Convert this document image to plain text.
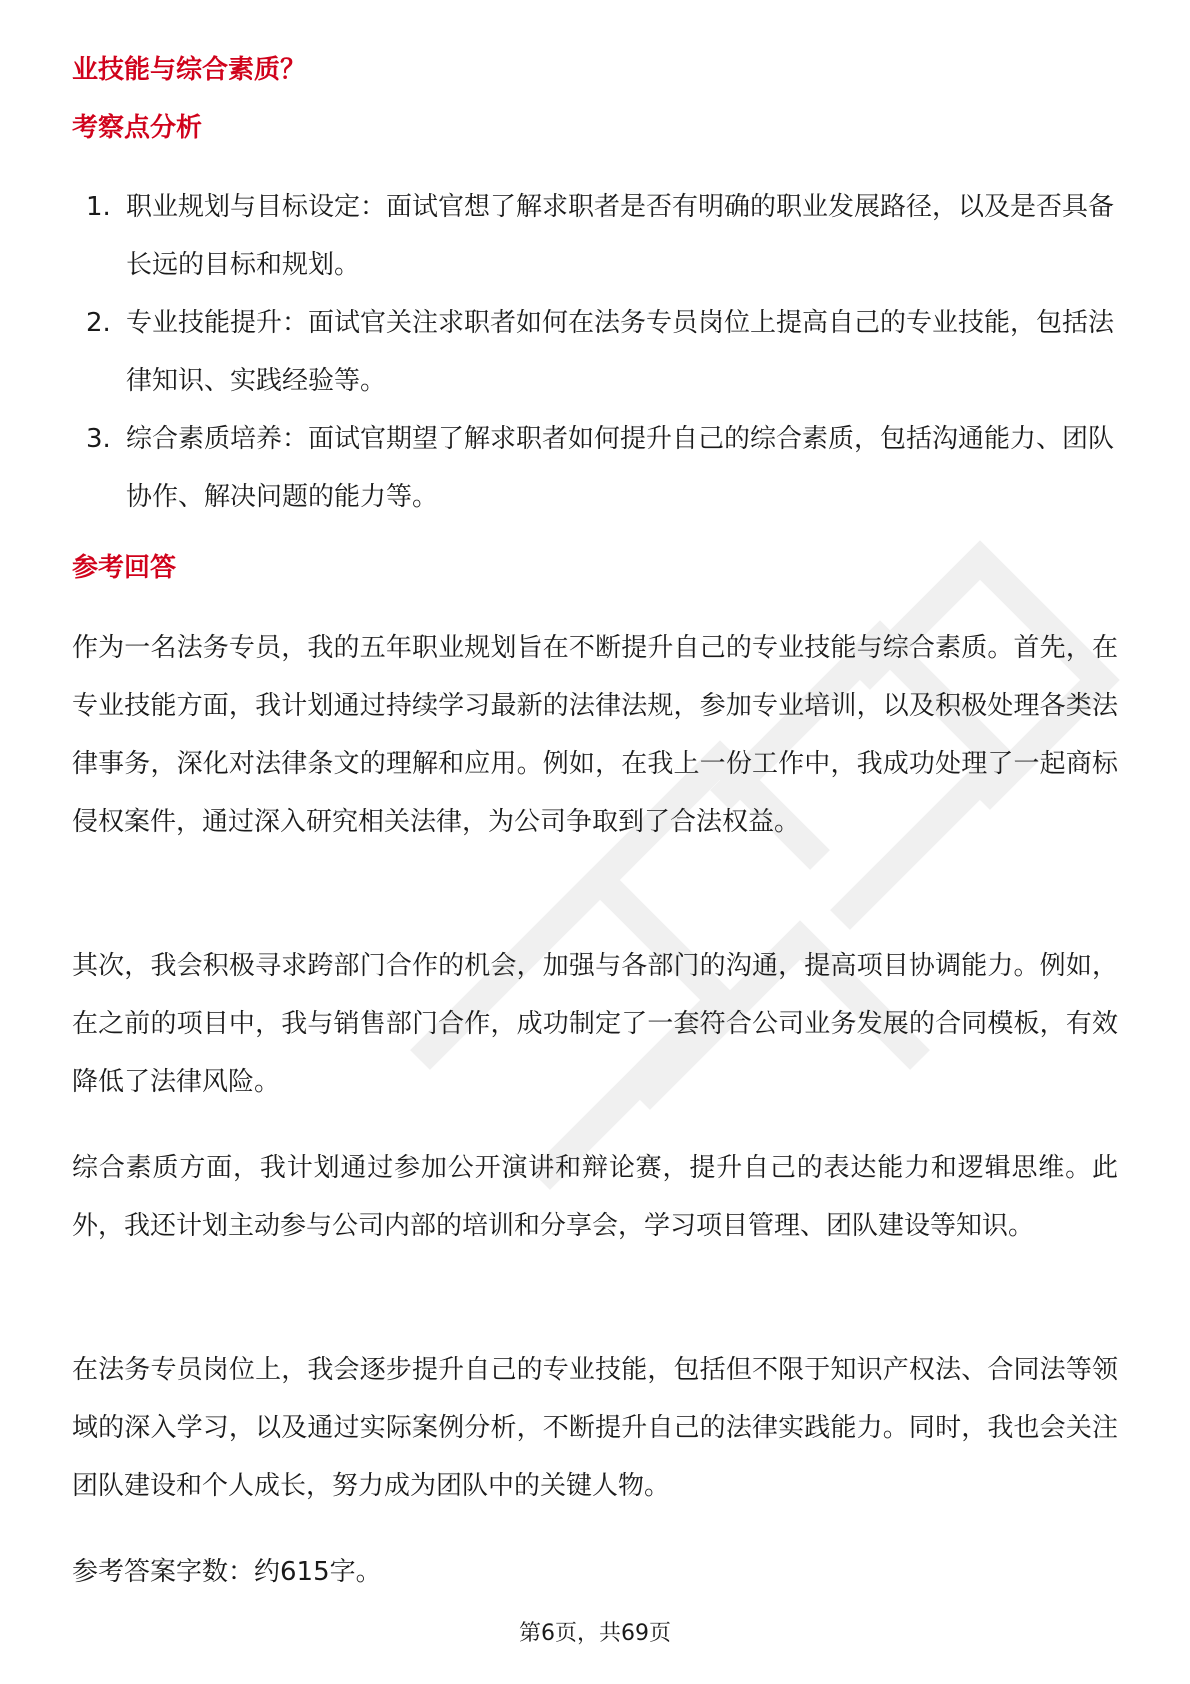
业技能与综合素质？
考察点分析
1. 职业规划与目标设定：面试官想了解求职者是否有明确的职业发展路径，以及是否具备长远的目标和规划。
2. 专业技能提升：面试官关注求职者如何在法务专员岗位上提高自己的专业技能，包括法律知识、实践经验等。
3. 综合素质培养：面试官期望了解求职者如何提升自己的综合素质，包括沟通能力、团队协作、解决问题的能力等。
参考回答

作为一名法务专员，我的五年职业规划旨在不断提升自己的专业技能与综合素质。首先，在专业技能方面，我计划通过持续学习最新的法律法规，参加专业培训，以及积极处理各类法律事务，深化对法律条文的理解和应用。例如，在我上一份工作中，我成功处理了一起商标侵权案件，通过深入研究相关法律，为公司争取到了合法权益。

其次，我会积极寻求跨部门合作的机会，加强与各部门的沟通，提高项目协调能力。例如，在之前的项目中，我与销售部门合作，成功制定了一套符合公司业务发展的合同模板，有效降低了法律风险。

综合素质方面，我计划通过参加公开演讲和辩论赛，提升自己的表达能力和逻辑思维。此外，我还计划主动参与公司内部的培训和分享会，学习项目管理、团队建设等知识。

在法务专员岗位上，我会逐步提升自己的专业技能，包括但不限于知识产权法、合同法等领域的深入学习，以及通过实际案例分析，不断提升自己的法律实践能力。同时，我也会关注团队建设和个人成长，努力成为团队中的关键人物。

参考答案字数：约615字。

第6页，共69页
